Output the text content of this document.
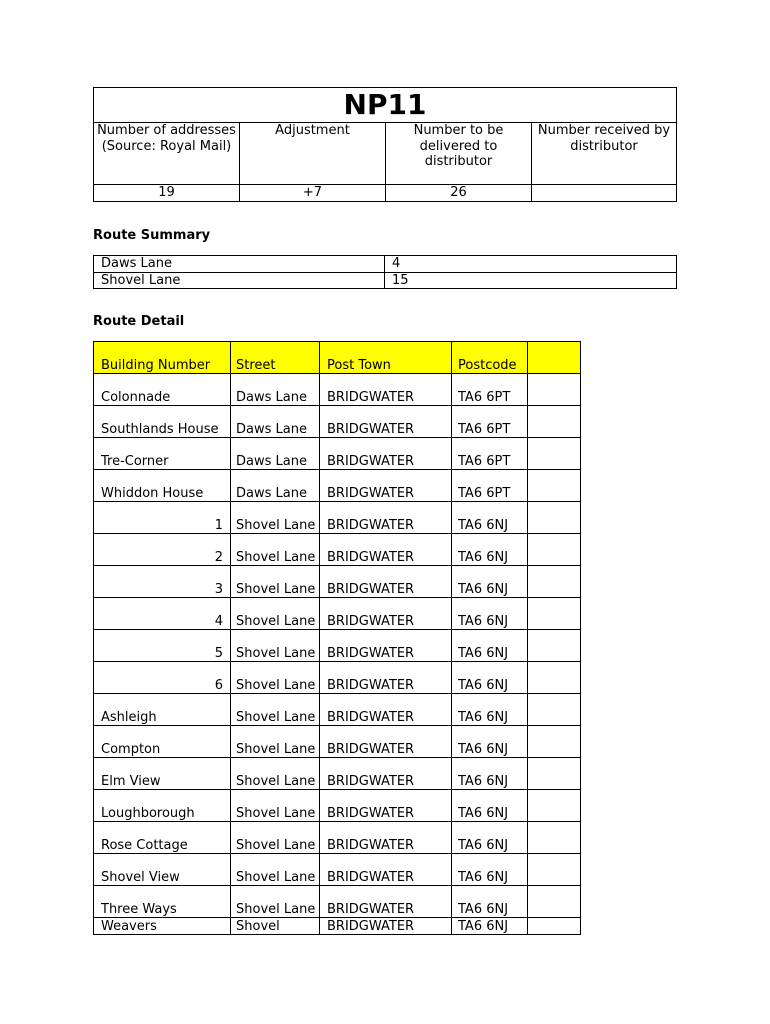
NP11			
Number of addresses (Source: Royal Mail)	Adjustment	Number to be delivered to distributor	Number received by distributor
19	+7	26	

Route Summary

Daws Lane	4
Shovel Lane	15

Route Detail

Building Number	Street	Post Town	Postcode	
Colonnade	Daws Lane	BRIDGWATER	TA6 6PT	
Southlands House	Daws Lane	BRIDGWATER	TA6 6PT	
Tre-Corner	Daws Lane	BRIDGWATER	TA6 6PT	
Whiddon House	Daws Lane	BRIDGWATER	TA6 6PT	
1	Shovel Lane	BRIDGWATER	TA6 6NJ	
2	Shovel Lane	BRIDGWATER	TA6 6NJ	
3	Shovel Lane	BRIDGWATER	TA6 6NJ	
4	Shovel Lane	BRIDGWATER	TA6 6NJ	
5	Shovel Lane	BRIDGWATER	TA6 6NJ	
6	Shovel Lane	BRIDGWATER	TA6 6NJ	
Ashleigh	Shovel Lane	BRIDGWATER	TA6 6NJ	
Compton	Shovel Lane	BRIDGWATER	TA6 6NJ	
Elm View	Shovel Lane	BRIDGWATER	TA6 6NJ	
Loughborough	Shovel Lane	BRIDGWATER	TA6 6NJ	
Rose Cottage	Shovel Lane	BRIDGWATER	TA6 6NJ	
Shovel View	Shovel Lane	BRIDGWATER	TA6 6NJ	
Three Ways	Shovel Lane	BRIDGWATER	TA6 6NJ	
Weavers	Shovel	BRIDGWATER	TA6 6NJ	
